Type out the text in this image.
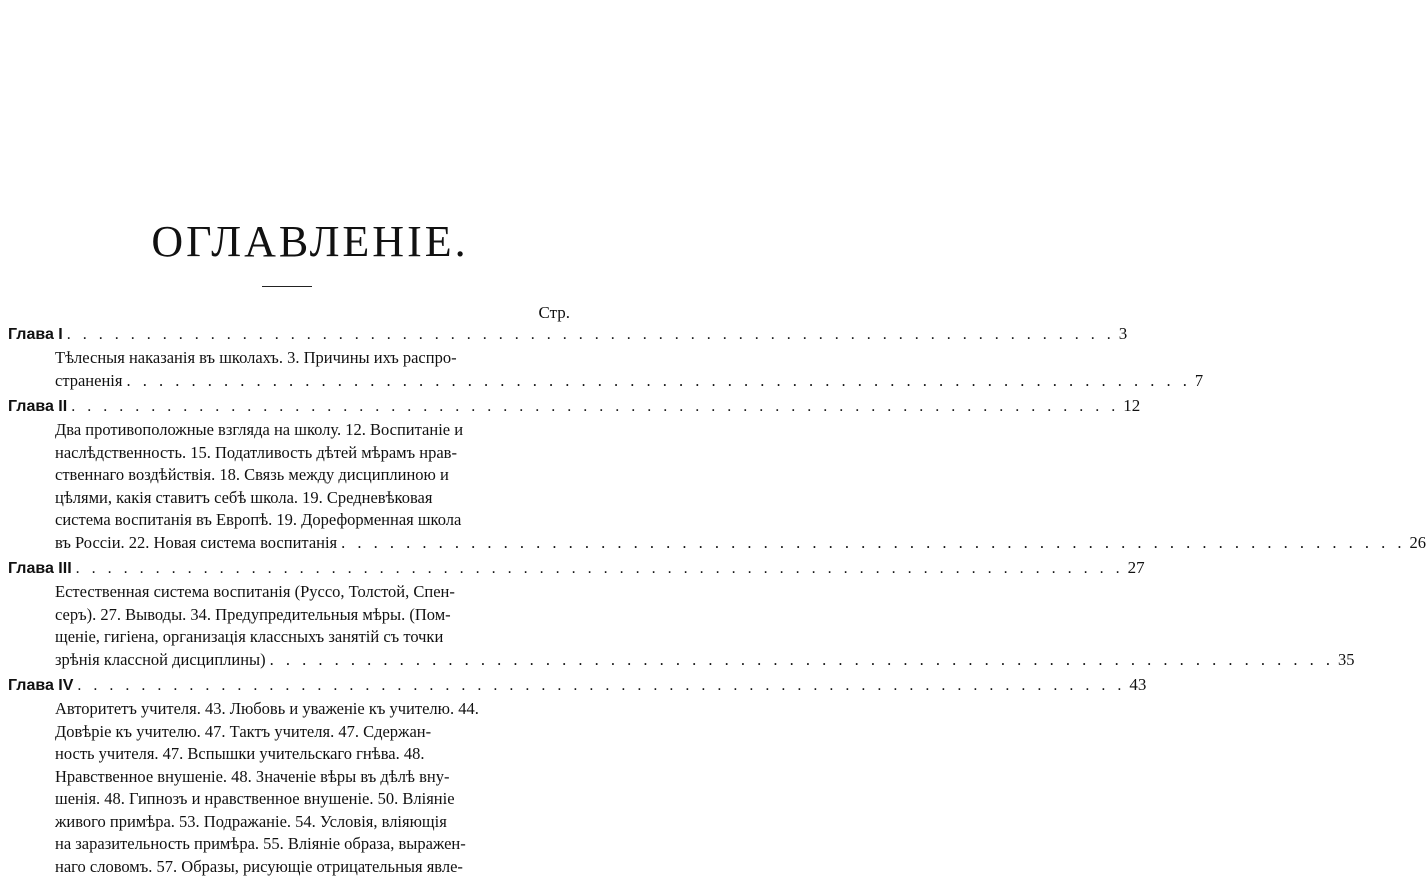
ОГЛАВЛЕНІЕ.
Стр.
Глава I . . . . . . . . . . . . . . . . . . . . . . . . . . . . . . . . . . . . . . . . . . . . . . . . . . . . . . . . . . . . . . . . . . 3
Тѣлесныя наказанія въ школахъ. 3. Причины ихъ распро-
страненія . . . . . . . . . . . . . . . . . . . . . . . . . . . . . . . . . . . . . . . . . . . . . . . . . . . . . . . . . . . . . . . . . . 7
Глава II . . . . . . . . . . . . . . . . . . . . . . . . . . . . . . . . . . . . . . . . . . . . . . . . . . . . . . . . . . . . . . . . . . 12
Два противоположные взгляда на школу. 12. Воспитаніе и
наслѣдственность. 15. Податливость дѣтей мѣрамъ нрав-
ственнаго воздѣйствія. 18. Связь между дисциплиною и
цѣлями, какія ставитъ себѣ школа. 19. Средневѣковая
система воспитанія въ Европѣ. 19. Дореформенная школа
въ Россіи. 22. Новая система воспитанія . . . . . . . . . . . . . . . . . . . . . . . . . . . . . . . . . . . . . . . . . . . . . . . . . . . . . . . . . . . . . . . . . . 26
Глава III . . . . . . . . . . . . . . . . . . . . . . . . . . . . . . . . . . . . . . . . . . . . . . . . . . . . . . . . . . . . . . . . . . 27
Естественная система воспитанія (Руссо, Толстой, Спен-
серъ). 27. Выводы. 34. Предупредительныя мѣры. (Пом-
щеніе, гигіена, организація классныхъ занятій съ точки
зрѣнія классной дисциплины) . . . . . . . . . . . . . . . . . . . . . . . . . . . . . . . . . . . . . . . . . . . . . . . . . . . . . . . . . . . . . . . . . . 35
Глава IV . . . . . . . . . . . . . . . . . . . . . . . . . . . . . . . . . . . . . . . . . . . . . . . . . . . . . . . . . . . . . . . . . . 43
Авторитетъ учителя. 43. Любовь и уваженіе къ учителю. 44.
Довѣріе къ учителю. 47. Тактъ учителя. 47. Сдержан-
ность учителя. 47. Вспышки учительскаго гнѣва. 48.
Нравственное внушеніе. 48. Значеніе вѣры въ дѣлѣ вну-
шенія. 48. Гипнозъ и нравственное внушеніе. 50. Вліяніе
живого примѣра. 53. Подражаніе. 54. Условія, вліяющія
на заразительность примѣра. 55. Вліяніе образа, выражен-
наго словомъ. 57. Образы, рисующіе отрицательныя явле-
